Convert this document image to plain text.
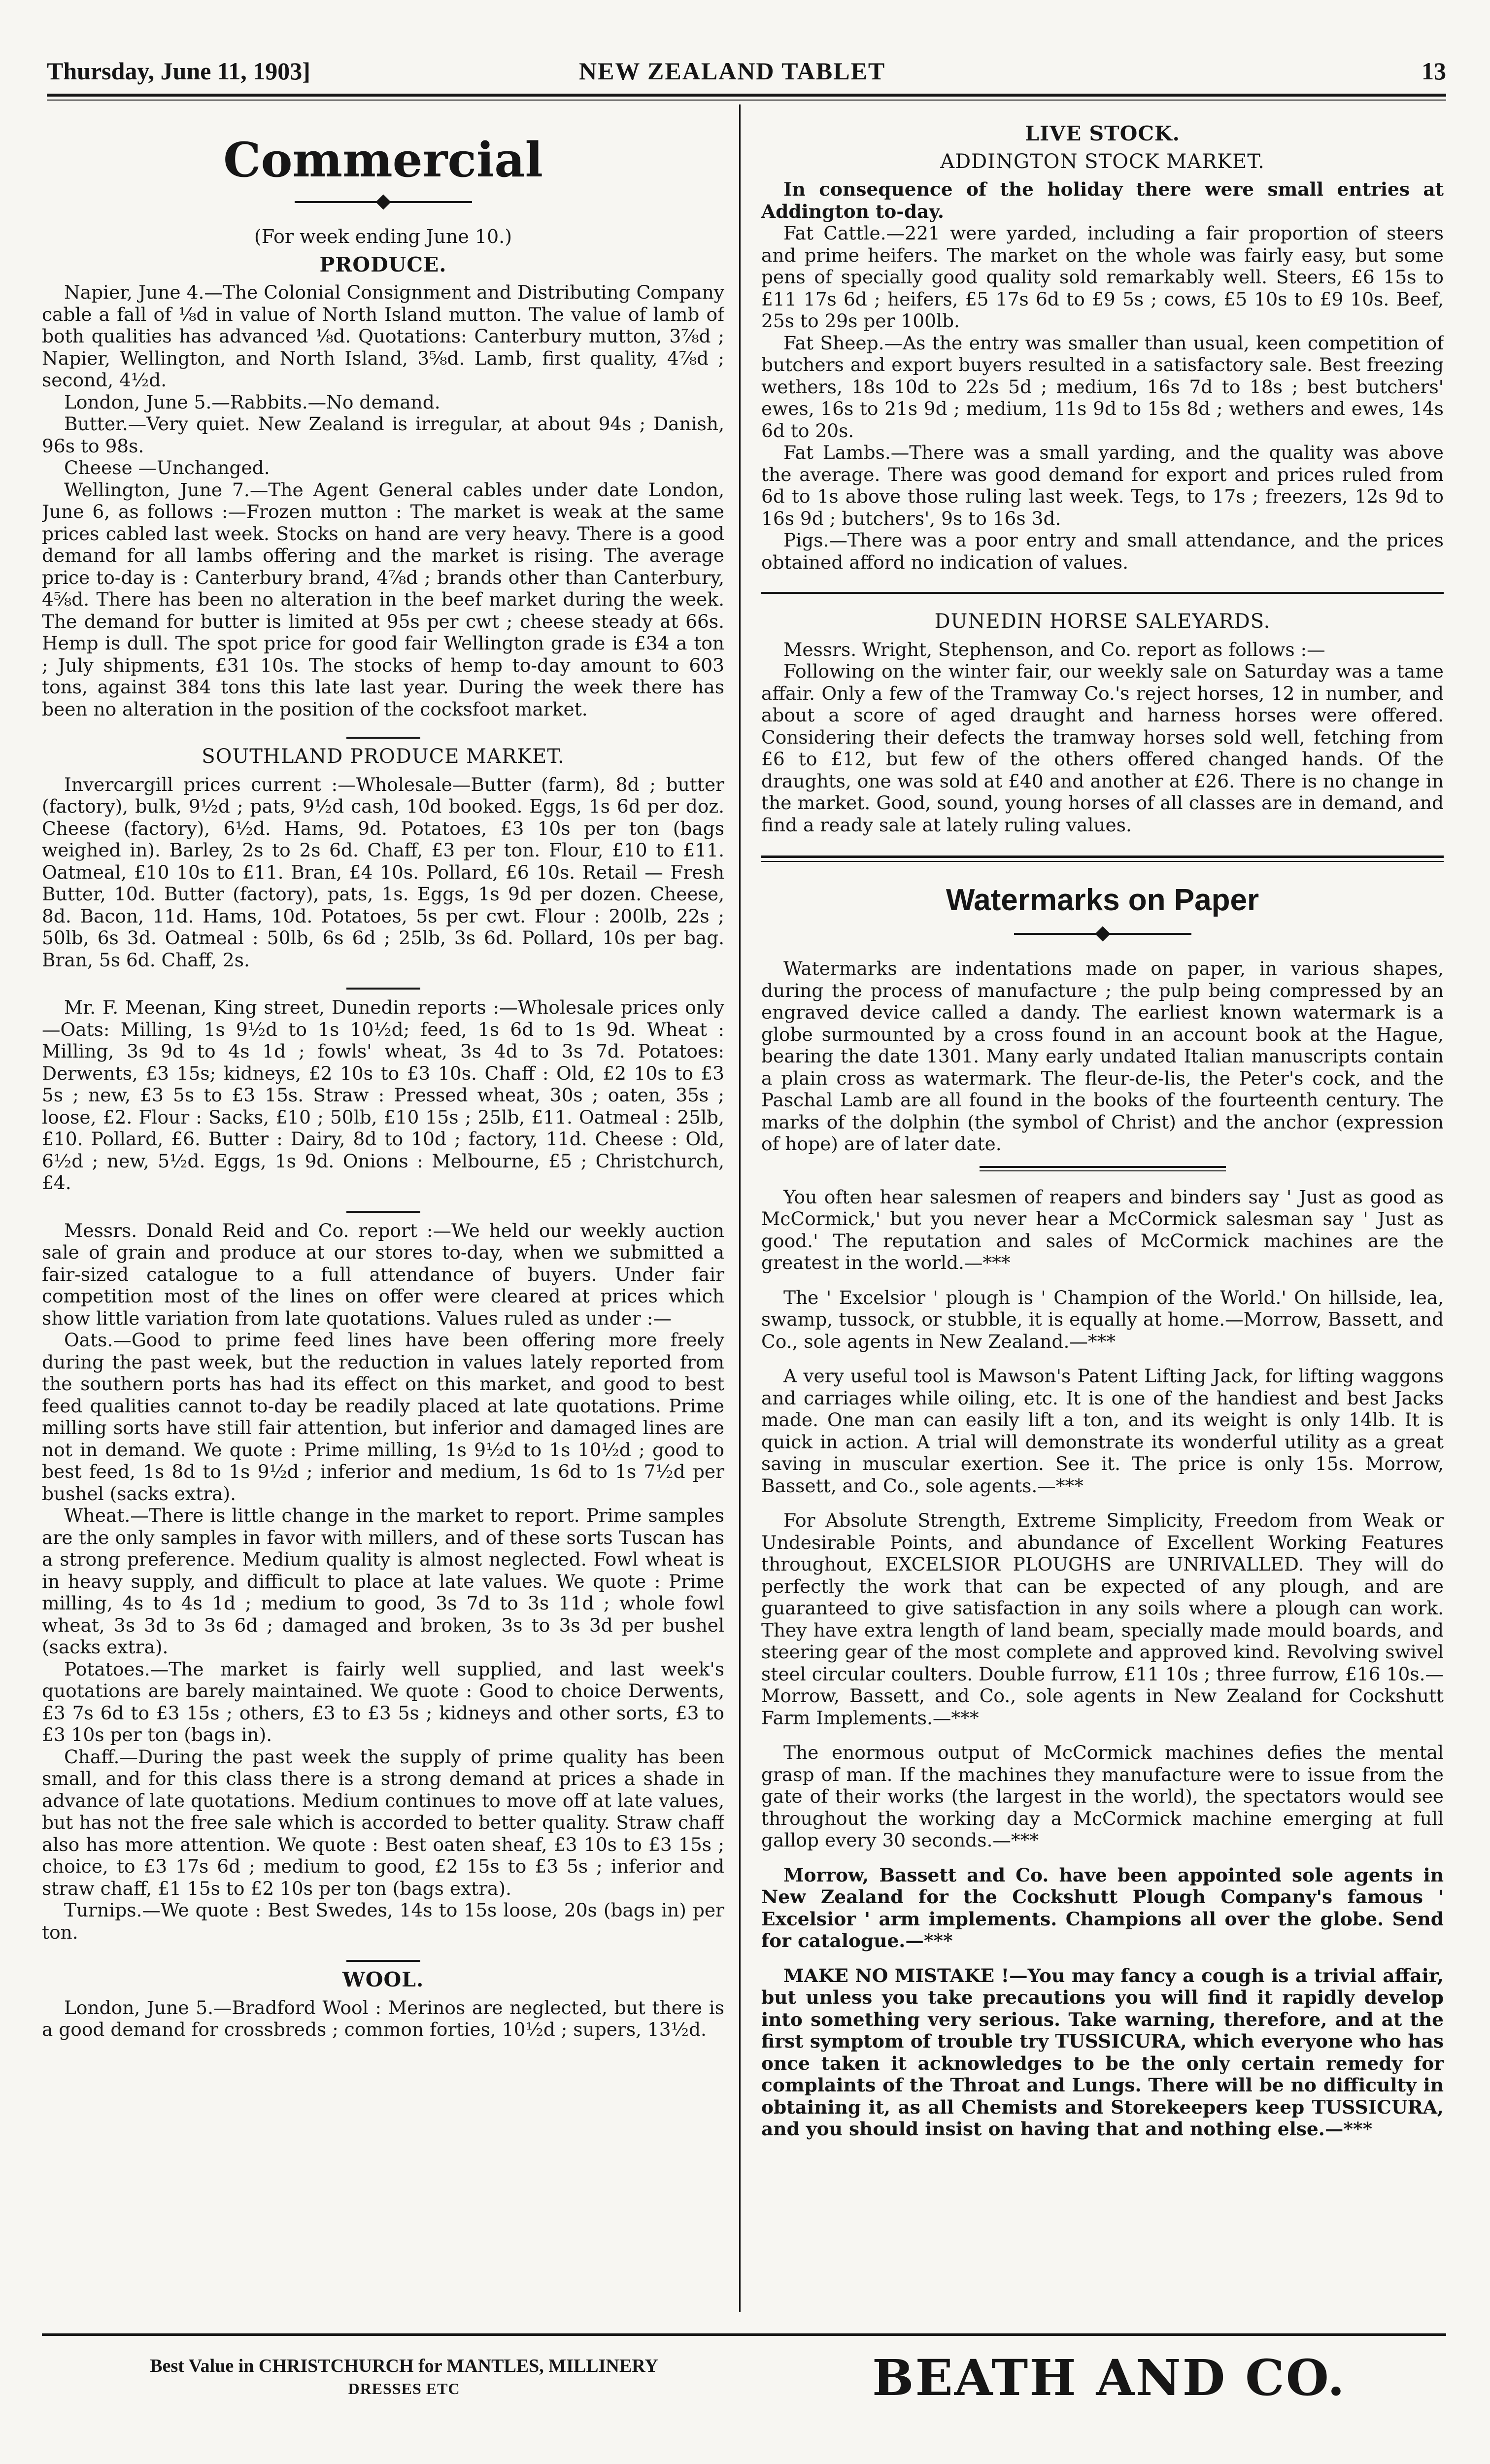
Thursday, June 11, 1903]	NEW ZEALAND TABLET	13
Commercial
(For week ending June 10.)
PRODUCE.

Napier, June 4.—The Colonial Consignment and Distributing Company cable a fall of ⅛d in value of North Island mutton. The value of lamb of both qualities has advanced ⅛d. Quotations: Canterbury mutton, 3⅞d ; Napier, Wellington, and North Island, 3⅝d. Lamb, first quality, 4⅞d ; second, 4½d.

London, June 5.—Rabbits.—No demand.

Butter.—Very quiet. New Zealand is irregular, at about 94s ; Danish, 96s to 98s.

Cheese —Unchanged.

Wellington, June 7.—The Agent General cables under date London, June 6, as follows :—Frozen mutton : The market is weak at the same prices cabled last week. Stocks on hand are very heavy. There is a good demand for all lambs offering and the market is rising. The average price to-day is : Canterbury brand, 4⅞d ; brands other than Canterbury, 4⅝d. There has been no alteration in the beef market during the week. The demand for butter is limited at 95s per cwt ; cheese steady at 66s. Hemp is dull. The spot price for good fair Wellington grade is £34 a ton ; July shipments, £31 10s. The stocks of hemp to-day amount to 603 tons, against 384 tons this late last year. During the week there has been no alteration in the position of the cocksfoot market.

SOUTHLAND PRODUCE MARKET.

Invercargill prices current :—Wholesale—Butter (farm), 8d ; butter (factory), bulk, 9½d ; pats, 9½d cash, 10d booked. Eggs, 1s 6d per doz. Cheese (factory), 6½d. Hams, 9d. Potatoes, £3 10s per ton (bags weighed in). Barley, 2s to 2s 6d. Chaff, £3 per ton. Flour, £10 to £11. Oatmeal, £10 10s to £11. Bran, £4 10s. Pollard, £6 10s. Retail — Fresh Butter, 10d. Butter (factory), pats, 1s. Eggs, 1s 9d per dozen. Cheese, 8d. Bacon, 11d. Hams, 10d. Potatoes, 5s per cwt. Flour : 200lb, 22s ; 50lb, 6s 3d. Oatmeal : 50lb, 6s 6d ; 25lb, 3s 6d. Pollard, 10s per bag. Bran, 5s 6d. Chaff, 2s.

Mr. F. Meenan, King street, Dunedin reports :—Wholesale prices only—Oats: Milling, 1s 9½d to 1s 10½d; feed, 1s 6d to 1s 9d. Wheat : Milling, 3s 9d to 4s 1d ; fowls' wheat, 3s 4d to 3s 7d. Potatoes: Derwents, £3 15s; kidneys, £2 10s to £3 10s. Chaff : Old, £2 10s to £3 5s ; new, £3 5s to £3 15s. Straw : Pressed wheat, 30s ; oaten, 35s ; loose, £2. Flour : Sacks, £10 ; 50lb, £10 15s ; 25lb, £11. Oatmeal : 25lb, £10. Pollard, £6. Butter : Dairy, 8d to 10d ; factory, 11d. Cheese : Old, 6½d ; new, 5½d. Eggs, 1s 9d. Onions : Melbourne, £5 ; Christchurch, £4.

Messrs. Donald Reid and Co. report :—We held our weekly auction sale of grain and produce at our stores to-day, when we submitted a fair-sized catalogue to a full attendance of buyers. Under fair competition most of the lines on offer were cleared at prices which show little variation from late quotations. Values ruled as under :—

Oats.—Good to prime feed lines have been offering more freely during the past week, but the reduction in values lately reported from the southern ports has had its effect on this market, and good to best feed qualities cannot to-day be readily placed at late quotations. Prime milling sorts have still fair attention, but inferior and damaged lines are not in demand. We quote : Prime milling, 1s 9½d to 1s 10½d ; good to best feed, 1s 8d to 1s 9½d ; inferior and medium, 1s 6d to 1s 7½d per bushel (sacks extra).

Wheat.—There is little change in the market to report. Prime samples are the only samples in favor with millers, and of these sorts Tuscan has a strong preference. Medium quality is almost neglected. Fowl wheat is in heavy supply, and difficult to place at late values. We quote : Prime milling, 4s to 4s 1d ; medium to good, 3s 7d to 3s 11d ; whole fowl wheat, 3s 3d to 3s 6d ; damaged and broken, 3s to 3s 3d per bushel (sacks extra).

Potatoes.—The market is fairly well supplied, and last week's quotations are barely maintained. We quote : Good to choice Derwents, £3 7s 6d to £3 15s ; others, £3 to £3 5s ; kidneys and other sorts, £3 to £3 10s per ton (bags in).

Chaff.—During the past week the supply of prime quality has been small, and for this class there is a strong demand at prices a shade in advance of late quotations. Medium continues to move off at late values, but has not the free sale which is accorded to better quality. Straw chaff also has more attention. We quote : Best oaten sheaf, £3 10s to £3 15s ; choice, to £3 17s 6d ; medium to good, £2 15s to £3 5s ; inferior and straw chaff, £1 15s to £2 10s per ton (bags extra).

Turnips.—We quote : Best Swedes, 14s to 15s loose, 20s (bags in) per ton.

WOOL.

London, June 5.—Bradford Wool : Merinos are neglected, but there is a good demand for crossbreds ; common forties, 10½d ; supers, 13½d.

LIVE STOCK.
ADDINGTON STOCK MARKET.

In consequence of the holiday there were small entries at Addington to-day.

Fat Cattle.—221 were yarded, including a fair proportion of steers and prime heifers. The market on the whole was fairly easy, but some pens of specially good quality sold remarkably well. Steers, £6 15s to £11 17s 6d ; heifers, £5 17s 6d to £9 5s ; cows, £5 10s to £9 10s. Beef, 25s to 29s per 100lb.

Fat Sheep.—As the entry was smaller than usual, keen competition of butchers and export buyers resulted in a satisfactory sale. Best freezing wethers, 18s 10d to 22s 5d ; medium, 16s 7d to 18s ; best butchers' ewes, 16s to 21s 9d ; medium, 11s 9d to 15s 8d ; wethers and ewes, 14s 6d to 20s.

Fat Lambs.—There was a small yarding, and the quality was above the average. There was good demand for export and prices ruled from 6d to 1s above those ruling last week. Tegs, to 17s ; freezers, 12s 9d to 16s 9d ; butchers', 9s to 16s 3d.

Pigs.—There was a poor entry and small attendance, and the prices obtained afford no indication of values.

DUNEDIN HORSE SALEYARDS.

Messrs. Wright, Stephenson, and Co. report as follows :—

Following on the winter fair, our weekly sale on Saturday was a tame affair. Only a few of the Tramway Co.'s reject horses, 12 in number, and about a score of aged draught and harness horses were offered. Considering their defects the tramway horses sold well, fetching from £6 to £12, but few of the others offered changed hands. Of the draughts, one was sold at £40 and another at £26. There is no change in the market. Good, sound, young horses of all classes are in demand, and find a ready sale at lately ruling values.

Watermarks on Paper

Watermarks are indentations made on paper, in various shapes, during the process of manufacture ; the pulp being compressed by an engraved device called a dandy. The earliest known watermark is a globe surmounted by a cross found in an account book at the Hague, bearing the date 1301. Many early undated Italian manuscripts contain a plain cross as watermark. The fleur-de-lis, the Peter's cock, and the Paschal Lamb are all found in the books of the fourteenth century. The marks of the dolphin (the symbol of Christ) and the anchor (expression of hope) are of later date.

You often hear salesmen of reapers and binders say ' Just as good as McCormick,' but you never hear a McCormick salesman say ' Just as good.' The reputation and sales of McCormick machines are the greatest in the world.—***

The ' Excelsior ' plough is ' Champion of the World.' On hillside, lea, swamp, tussock, or stubble, it is equally at home.—Morrow, Bassett, and Co., sole agents in New Zealand.—***

A very useful tool is Mawson's Patent Lifting Jack, for lifting waggons and carriages while oiling, etc. It is one of the handiest and best Jacks made. One man can easily lift a ton, and its weight is only 14lb. It is quick in action. A trial will demonstrate its wonderful utility as a great saving in muscular exertion. See it. The price is only 15s. Morrow, Bassett, and Co., sole agents.—***

For Absolute Strength, Extreme Simplicity, Freedom from Weak or Undesirable Points, and abundance of Excellent Working Features throughout, EXCELSIOR PLOUGHS are UNRIVALLED. They will do perfectly the work that can be expected of any plough, and are guaranteed to give satisfaction in any soils where a plough can work. They have extra length of land beam, specially made mould boards, and steering gear of the most complete and approved kind. Revolving swivel steel circular coulters. Double furrow, £11 10s ; three furrow, £16 10s.—Morrow, Bassett, and Co., sole agents in New Zealand for Cockshutt Farm Implements.—***

The enormous output of McCormick machines defies the mental grasp of man. If the machines they manufacture were to issue from the gate of their works (the largest in the world), the spectators would see throughout the working day a McCormick machine emerging at full gallop every 30 seconds.—***

Morrow, Bassett and Co. have been appointed sole agents in New Zealand for the Cockshutt Plough Company's famous ' Excelsior ' arm implements. Champions all over the globe. Send for catalogue.—***

MAKE NO MISTAKE !—You may fancy a cough is a trivial affair, but unless you take precautions you will find it rapidly develop into something very serious. Take warning, therefore, and at the first symptom of trouble try TUSSICURA, which everyone who has once taken it acknowledges to be the only certain remedy for complaints of the Throat and Lungs. There will be no difficulty in obtaining it, as all Chemists and Storekeepers keep TUSSICURA, and you should insist on having that and nothing else.—***

Best Value in CHRISTCHURCH for MANTLES, MILLINERY
DRESSES ETC	BEATH AND CO.
